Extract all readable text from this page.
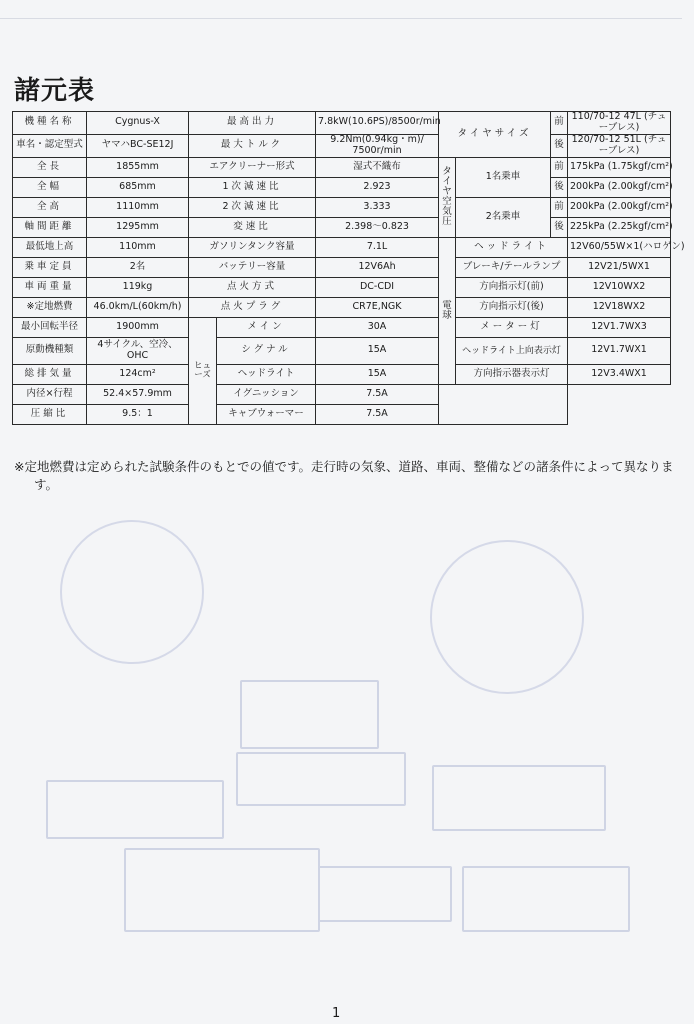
諸元表
機種名称	Cygnus-X	最高出力		7.8kW(10.6PS)/8500r/min	タイヤサイズ		前	110/70-12 47L (チューブレス)
車名・認定型式	ヤマハBC-SE12J	最大トルク		9.2Nm(0.94kg・m)/ 7500r/min			後	120/70-12 51L (チューブレス)
全長	1855mm	エアクリーナー形式		湿式不織布	タイヤ空気圧	1名乗車	前	175kPa (1.75kgf/cm²)
全幅	685mm	1次減速比		2.923			後	200kPa (2.00kgf/cm²)
全高	1110mm	2次減速比		3.333		2名乗車	前	200kPa (2.00kgf/cm²)
軸間距離	1295mm	変速比		2.398〜0.823			後	225kPa (2.25kgf/cm²)
最低地上高	110mm	ガソリンタンク容量		7.1L	電球	ヘッドライト		12V60/55W×1(ハロゲン)
乗車定員	2名	バッテリー容量		12V6Ah		ブレーキ/テールランプ		12V21/5WX1
車両重量	119kg	点火方式		DC-CDI		方向指示灯(前)		12V10WX2
※定地燃費	46.0km/L(60km/h)	点火プラグ		CR7E,NGK		方向指示灯(後)		12V18WX2
最小回転半径	1900mm	ヒューズ	メイン	30A		メーター灯		12V1.7WX3
原動機種類	4サイクル、空冷、OHC		シグナル	15A		ヘッドライト上向表示灯		12V1.7WX1
総排気量	124cm²		ヘッドライト	15A		方向指示器表示灯		12V3.4WX1
内径×行程	52.4×57.9mm		イグニッション	7.5A				
圧縮比	9.5：1		キャブウォーマー	7.5A				
※定地燃費は定められた試験条件のもとでの値です。走行時の気象、道路、車両、整備などの諸条件によって異なります。
1
